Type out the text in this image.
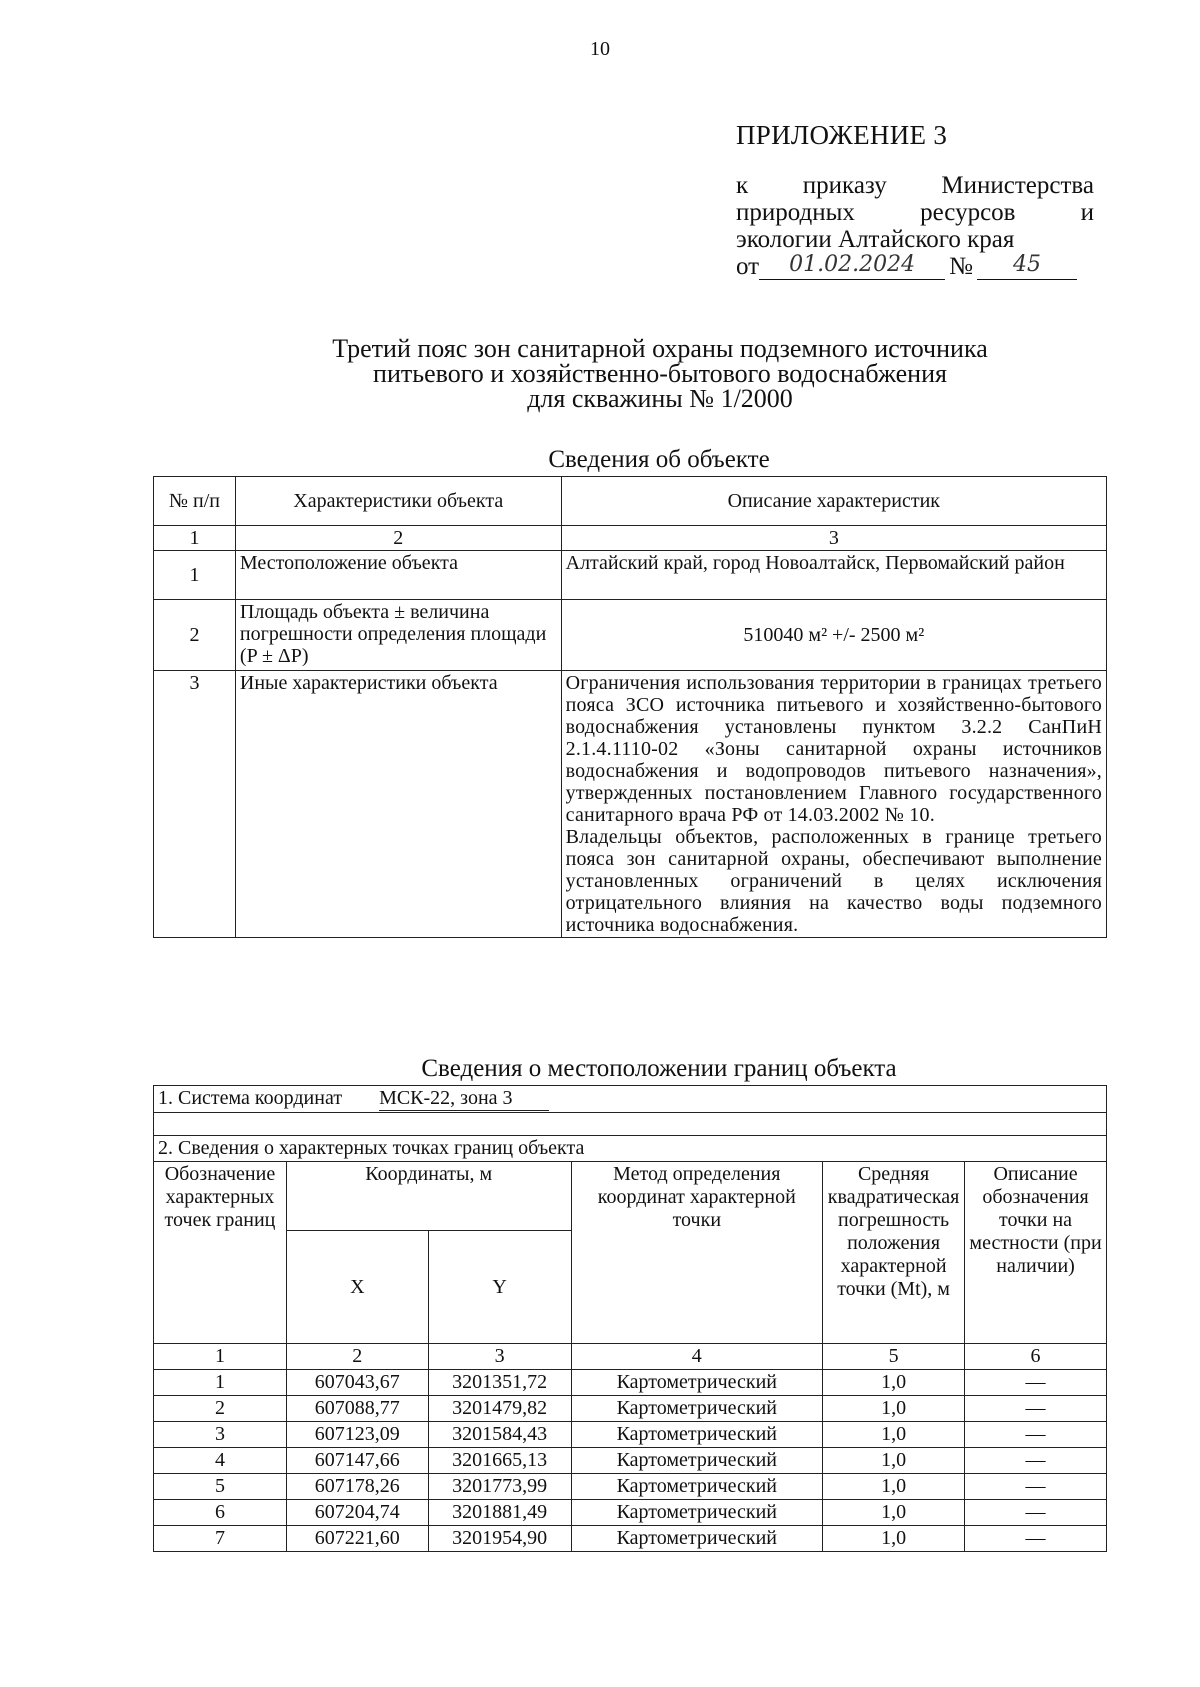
10
ПРИЛОЖЕНИЕ 3
к приказу Министерства
природных	ресурсов	и
экологии Алтайского края
от	01.02.2024	№	45
Третий пояс зон санитарной охраны подземного источника
питьевого и хозяйственно-бытового водоснабжения
для скважины № 1/2000
Сведения об объекте
№ п/п	Характеристики объекта	Описание характеристик
1	2	3
1	Местоположение объекта	Алтайский край, город Новоалтайск, Первомайский район
2	Площадь объекта ± величина погрешности определения площади (P ± ΔP)	510040 м² +/- 2500 м²
3	Иные характеристики объекта	Ограничения использования территории в границах третьего пояса ЗСО источника питьевого и хозяйственно-бытового водоснабжения установлены пунктом 3.2.2 СанПиН 2.1.4.1110-02 «Зоны санитарной охраны источников водоснабжения и водопроводов питьевого назначения», утвержденных постановлением Главного государственного санитарного врача РФ от 14.03.2002 № 10.
Владельцы объектов, расположенных в границе третьего пояса зон санитарной охраны, обеспечивают выполнение установленных ограничений в целях исключения отрицательного влияния на качество воды подземного источника водоснабжения.
Сведения о местоположении границ объекта
1. Система координат МСК-22, зона 3					

2. Сведения о характерных точках границ объекта					
Обозначение характерных точек границ	Координаты, м		Метод определения координат характерной точки	Средняя квадратическая погрешность положения характерной точки (Mt), м	Описание обозначения точки на местности (при наличии)
	X	Y			
1	2	3	4	5	6
1	607043,67	3201351,72	Картометрический	1,0	—
2	607088,77	3201479,82	Картометрический	1,0	—
3	607123,09	3201584,43	Картометрический	1,0	—
4	607147,66	3201665,13	Картометрический	1,0	—
5	607178,26	3201773,99	Картометрический	1,0	—
6	607204,74	3201881,49	Картометрический	1,0	—
7	607221,60	3201954,90	Картометрический	1,0	—
